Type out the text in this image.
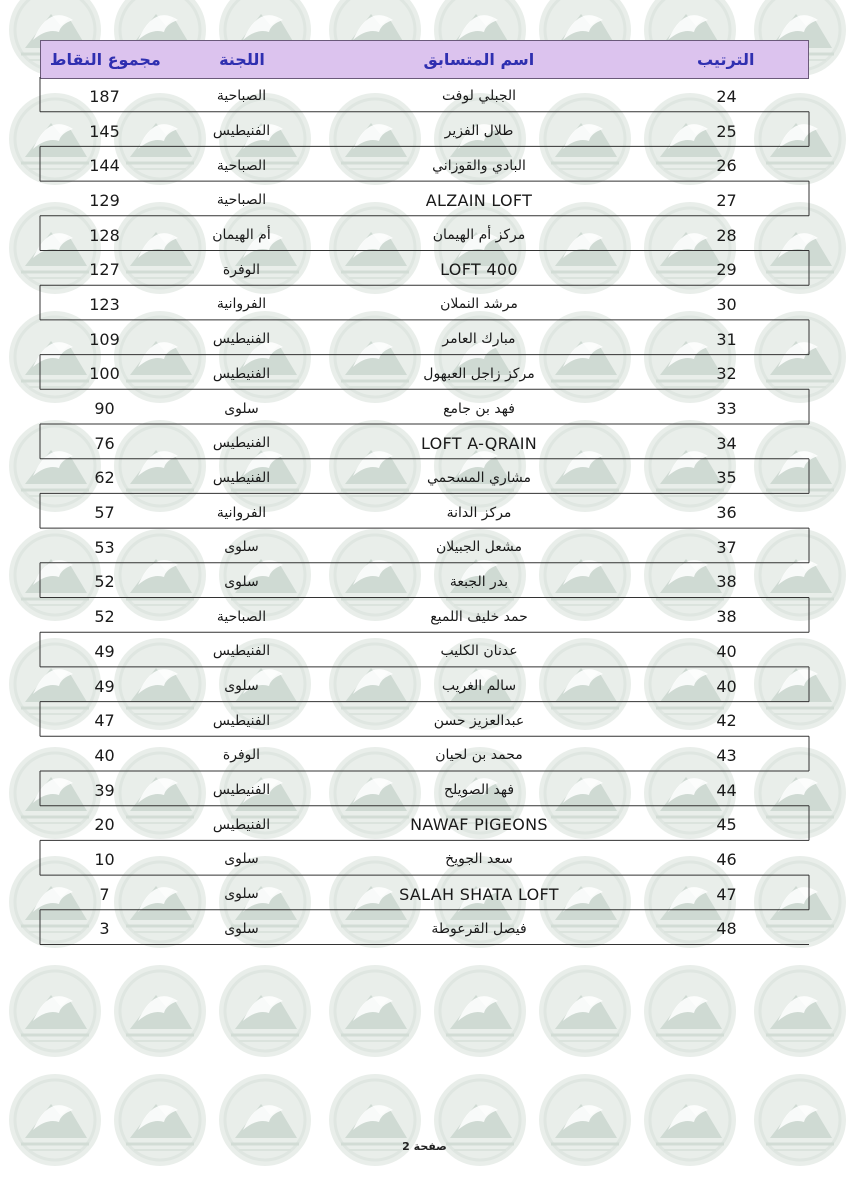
الترتيب
اسم المتسابق
اللجنة
مجموع النقاط
24
الجبلي لوفت
الصباحية
187
25
طلال الفزير
الفنيطيس
145
26
البادي والقوزاني
الصباحية
144
27
ALZAIN LOFT
الصباحية
129
28
مركز أم الهيمان
أم الهيمان
128
29
LOFT 400
الوفرة
127
30
مرشد النملان
الفروانية
123
31
مبارك العامر
الفنيطيس
109
32
مركز زاجل العبهول
الفنيطيس
100
33
فهد بن جامع
سلوى
90
34
LOFT A-QRAIN
الفنيطيس
76
35
مشاري المسحمي
الفنيطيس
62
36
مركز الدانة
الفروانية
57
37
مشعل الجبيلان
سلوى
53
38
بدر الجبعة
سلوى
52
38
حمد خليف اللميع
الصباحية
52
40
عدنان الكليب
الفنيطيس
49
40
سالم الغريب
سلوى
49
42
عبدالعزيز حسن
الفنيطيس
47
43
محمد بن لحيان
الوفرة
40
44
فهد الصويلح
الفنيطيس
39
45
NAWAF PIGEONS
الفنيطيس
20
46
سعد الجويخ
سلوى
10
47
SALAH SHATA LOFT
سلوى
7
48
فيصل القرعوطة
سلوى
3
صفحة 2
